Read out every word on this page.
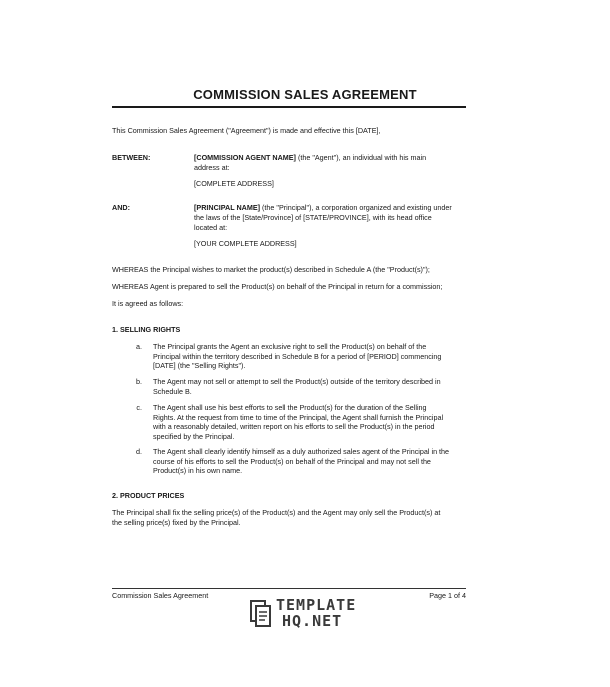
COMMISSION SALES AGREEMENT
This Commission Sales Agreement ("Agreement") is made and effective this [DATE],
BETWEEN:	[COMMISSION AGENT NAME] (the "Agent"), an individual with his main
address at:
[COMPLETE ADDRESS]
AND:	[PRINCIPAL NAME] (the "Principal"), a corporation organized and existing under
the laws of the [State/Province] of [STATE/PROVINCE], with its head office
located at:
[YOUR COMPLETE ADDRESS]
WHEREAS the Principal wishes to market the product(s) described in Schedule A (the "Product(s)");
WHEREAS Agent is prepared to sell the Product(s) on behalf of the Principal in return for a commission;
It is agreed as follows:
1. SELLING RIGHTS
a. The Principal grants the Agent an exclusive right to sell the Product(s) on behalf of the
Principal within the territory described in Schedule B for a period of [PERIOD] commencing
[DATE] (the "Selling Rights").
b. The Agent may not sell or attempt to sell the Product(s) outside of the territory described in
Schedule B.
c. The Agent shall use his best efforts to sell the Product(s) for the duration of the Selling
Rights. At the request from time to time of the Principal, the Agent shall furnish the Principal
with a reasonably detailed, written report on his efforts to sell the Product(s) in the period
specified by the Principal.
d. The Agent shall clearly identify himself as a duly authorized sales agent of the Principal in the
course of his efforts to sell the Product(s) on behalf of the Principal and may not sell the
Product(s) in his own name.
2. PRODUCT PRICES
The Principal shall fix the selling price(s) of the Product(s) and the Agent may only sell the Product(s) at
the selling price(s) fixed by the Principal.
Commission Sales Agreement	Page 1 of 4
TEMPLATE
HQ.NET
